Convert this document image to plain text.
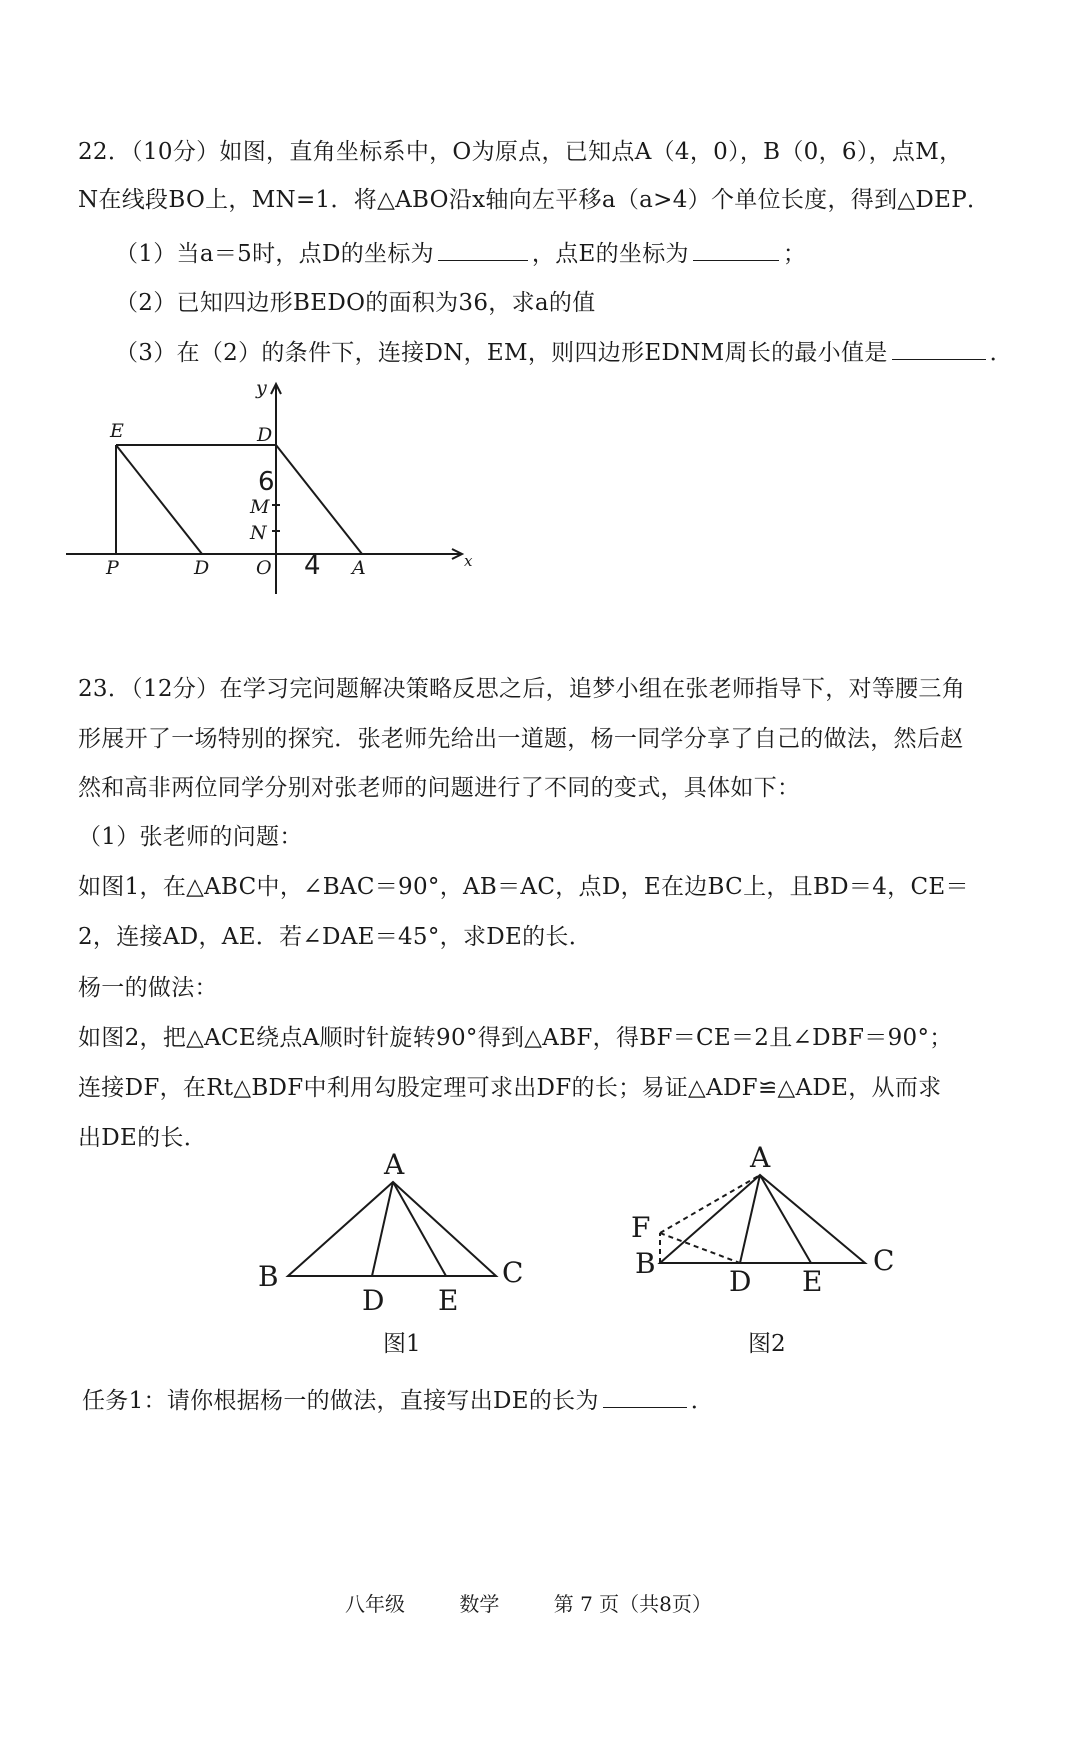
22．（10分）如图，直角坐标系中，O为原点，已知点A（4，0），B（0，6），点M，
N在线段BO上，MN=1．将△ABO沿x轴向左平移a（a>4）个单位长度，得到△DEP．
（1）当a＝5时，点D的坐标为	，点E的坐标为	；
（2）已知四边形BEDO的面积为36，求a的值
（3）在（2）的条件下，连接DN，EM，则四边形EDNM周长的最小值是	．
y
x
E	D
M
N
P	D O	A
6
4
23．（12分）在学习完问题解决策略反思之后，追梦小组在张老师指导下，对等腰三角
形展开了一场特别的探究．张老师先给出一道题，杨一同学分享了自己的做法，然后赵
然和高非两位同学分别对张老师的问题进行了不同的变式，具体如下：
（1）张老师的问题：
如图1，在△ABC中，∠BAC＝90°，AB＝AC，点D，E在边BC上，且BD＝4，CE＝
2，连接AD，AE．若∠DAE＝45°，求DE的长．
杨一的做法：
如图2，把△ACE绕点A顺时针旋转90°得到△ABF，得BF＝CE＝2且∠DBF＝90°；
连接DF，在Rt△BDF中利用勾股定理可求出DF的长；易证△ADF≌△ADE，从而求
出DE的长．
A
B	C
D E
图1
A
B	C
D E
F
图2
任务1：请你根据杨一的做法，直接写出DE的长为	．
八年级	数学	第 7 页（共8页）
